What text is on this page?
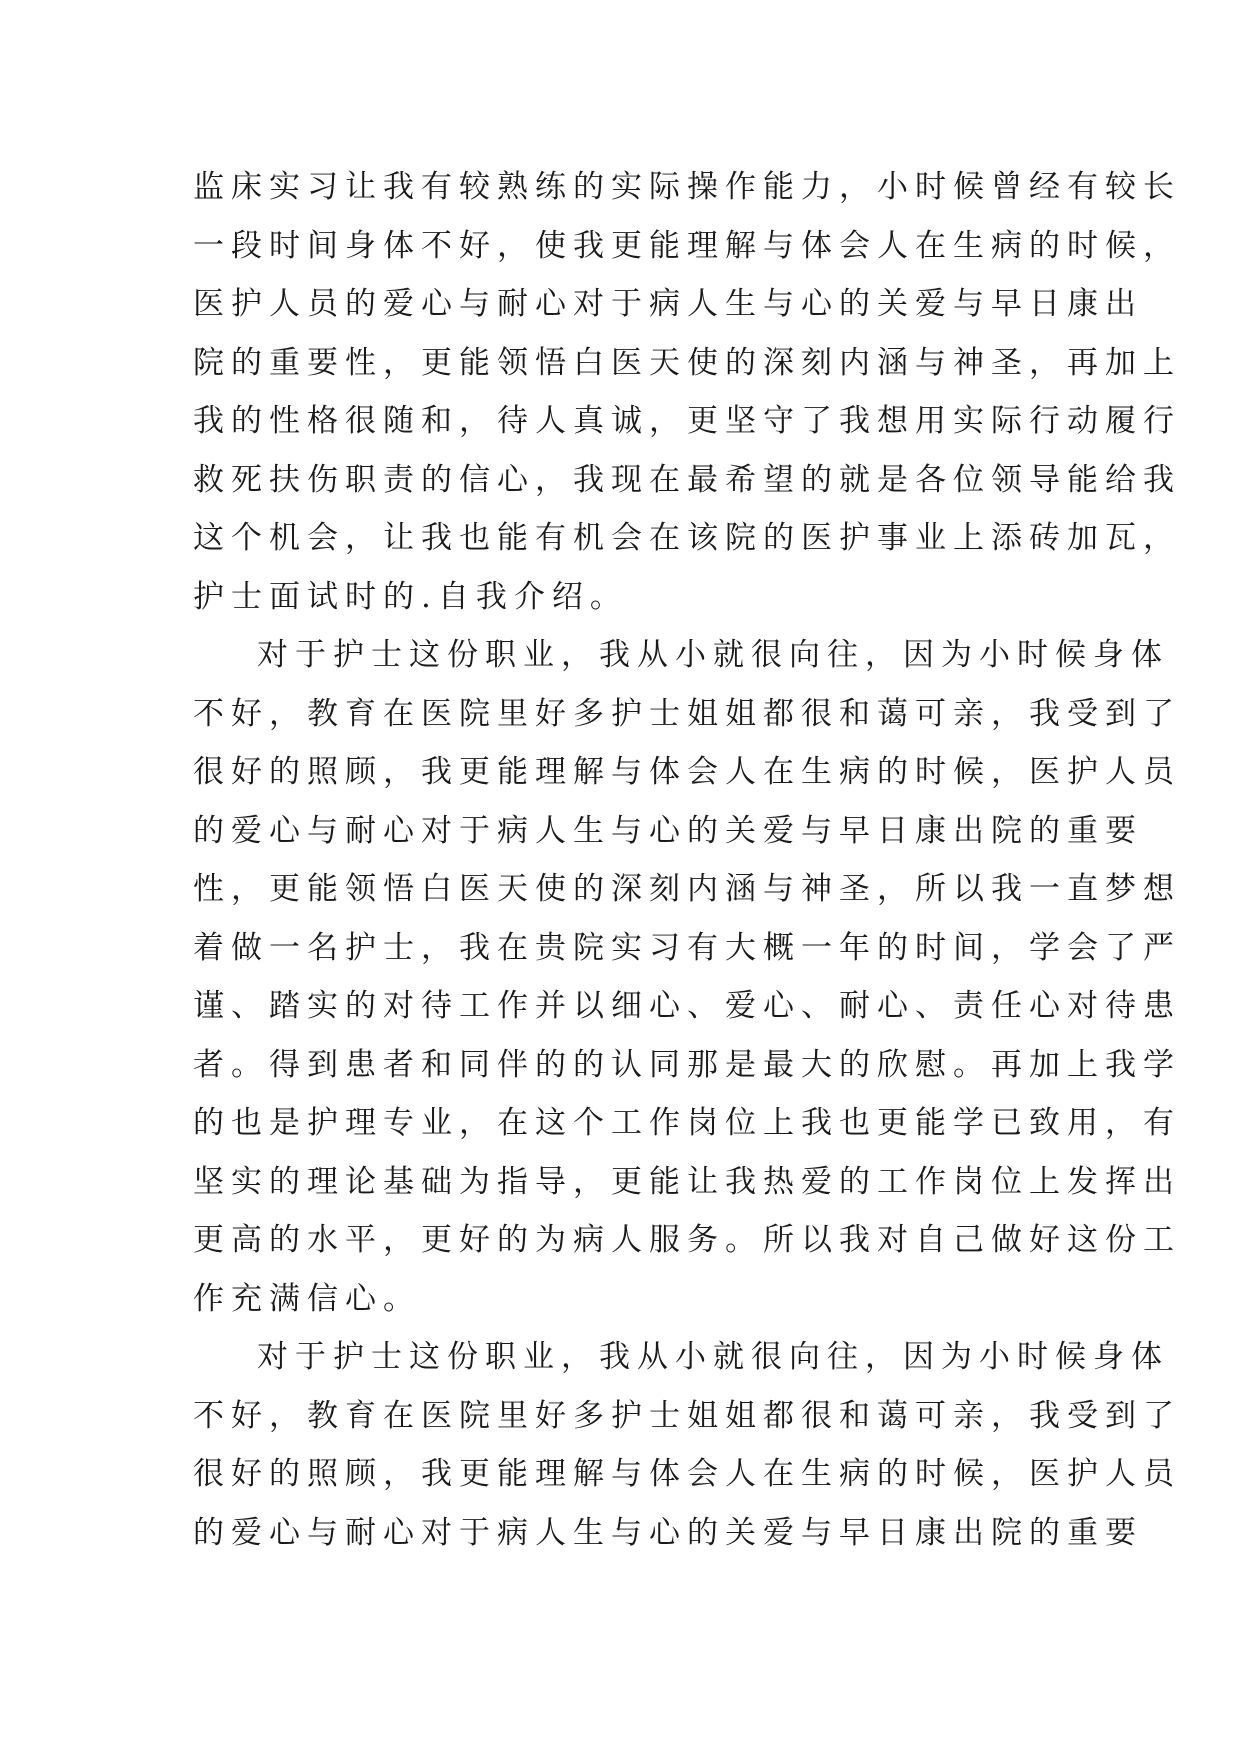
监床实习让我有较熟练的实际操作能力，小时候曾经有较长
一段时间身体不好，使我更能理解与体会人在生病的时候，
医护人员的爱心与耐心对于病人生与心的关爱与早日康出
院的重要性，更能领悟白医天使的深刻内涵与神圣，再加上
我的性格很随和，待人真诚，更坚守了我想用实际行动履行
救死扶伤职责的信心，我现在最希望的就是各位领导能给我
这个机会，让我也能有机会在该院的医护事业上添砖加瓦，
护士面试时的.自我介绍。
对于护士这份职业，我从小就很向往，因为小时候身体
不好，教育在医院里好多护士姐姐都很和蔼可亲，我受到了
很好的照顾，我更能理解与体会人在生病的时候，医护人员
的爱心与耐心对于病人生与心的关爱与早日康出院的重要
性，更能领悟白医天使的深刻内涵与神圣，所以我一直梦想
着做一名护士，我在贵院实习有大概一年的时间，学会了严
谨、踏实的对待工作并以细心、爱心、耐心、责任心对待患
者。得到患者和同伴的的认同那是最大的欣慰。再加上我学
的也是护理专业，在这个工作岗位上我也更能学已致用，有
坚实的理论基础为指导，更能让我热爱的工作岗位上发挥出
更高的水平，更好的为病人服务。所以我对自己做好这份工
作充满信心。
对于护士这份职业，我从小就很向往，因为小时候身体
不好，教育在医院里好多护士姐姐都很和蔼可亲，我受到了
很好的照顾，我更能理解与体会人在生病的时候，医护人员
的爱心与耐心对于病人生与心的关爱与早日康出院的重要
